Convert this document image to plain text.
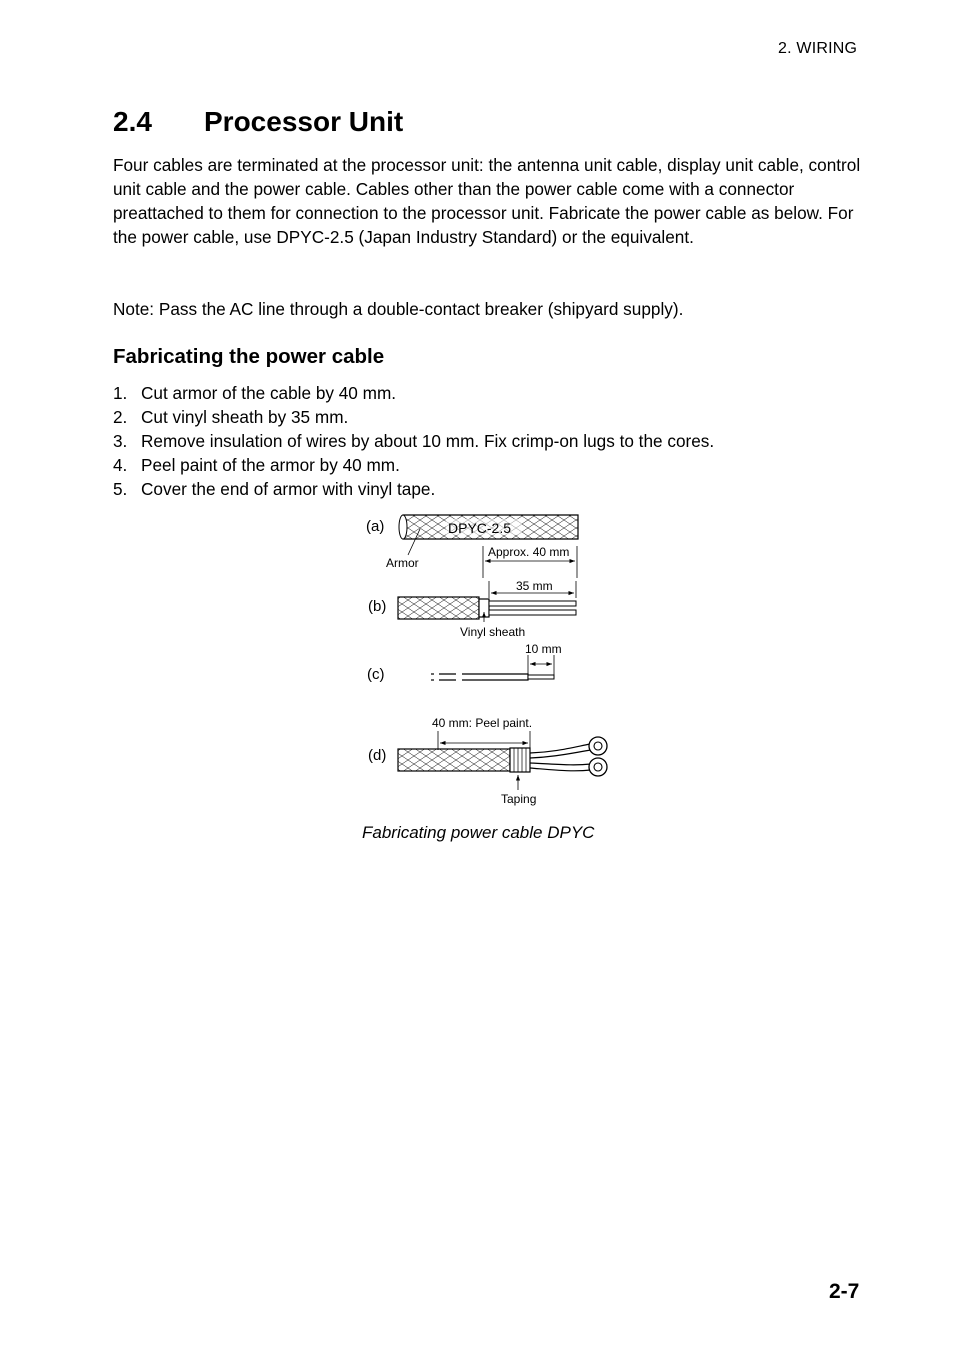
2. WIRING
2.4 Processor Unit

Four cables are terminated at the processor unit: the antenna unit cable, display unit cable, control unit cable and the power cable. Cables other than the power cable come with a connector preattached to them for connection to the processor unit. Fabricate the power cable as below. For the power cable, use DPYC-2.5 (Japan Industry Standard) or the equivalent.

Note: Pass the AC line through a double-contact breaker (shipyard supply).

Fabricating the power cable
1. Cut armor of the cable by 40 mm.
2. Cut vinyl sheath by 35 mm.
3. Remove insulation of wires by about 10 mm. Fix crimp-on lugs to the cores.
4. Peel paint of the armor by 40 mm.
5. Cover the end of armor with vinyl tape.
(a)	DPYC-2.5
Armor
Approx. 40 mm
(b)
35 mm
Vinyl sheath
(c)
10 mm
(d)
40 mm: Peel paint.
Taping
Fabricating power cable DPYC
2-7
